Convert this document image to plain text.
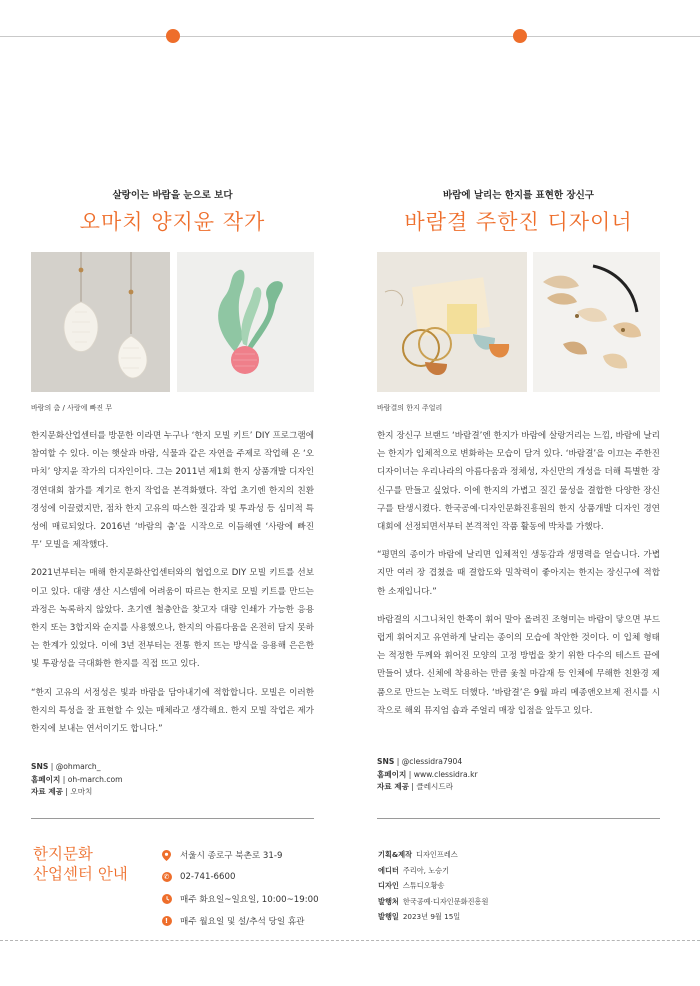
살랑이는 바람을 눈으로 보다
오마치 양지윤 작가
바람의 춤 / 사랑에 빠진 무

한지문화산업센터를 방문한 이라면 누구나 ‘한지 모빌 키트’ DIY 프로그램에 참여할 수 있다. 이는 햇살과 바람, 식물과 같은 자연을 주제로 작업해 온 ‘오마치’ 양지윤 작가의 디자인이다. 그는 2011년 제1회 한지 상품개발 디자인 경연대회 참가를 계기로 한지 작업을 본격화했다. 작업 초기엔 한지의 친환경성에 이끌렸지만, 점차 한지 고유의 따스한 질감과 빛 투과성 등 심미적 특성에 매료되었다. 2016년 ‘바람의 춤’을 시작으로 이듬해엔 ‘사랑에 빠진 무’ 모빌을 제작했다.

2021년부터는 매해 한지문화산업센터와의 협업으로 DIY 모빌 키트를 선보이고 있다. 대량 생산 시스템에 어려움이 따르는 한지로 모빌 키트를 만드는 과정은 녹록하지 않았다. 초기엔 철충안을 찾고자 대량 인쇄가 가능한 응용한지 또는 3합지와 순지를 사용했으나, 한지의 아름다움을 온전히 담지 못하는 한계가 있었다. 이에 3년 전부터는 전통 한지 뜨는 방식을 응용해 은은한 빛 투광성을 극대화한 한지를 직접 뜨고 있다.

“한지 고유의 서정성은 빛과 바람을 담아내기에 적합합니다. 모빌은 이러한 한지의 특성을 잘 표현할 수 있는 매체라고 생각해요. 한지 모빌 작업은 제가 한지에 보내는 연서이기도 합니다.”

SNS | @ohmarch_
홈페이지 | oh-march.com
자료 제공 | 오마치
바람에 날리는 한지를 표현한 장신구
바람결 주한진 디자이너
바람결의 한지 주얼리

한지 장신구 브랜드 ‘바람결’엔 한지가 바람에 살랑거리는 느낌, 바람에 날리는 한지가 입체적으로 변화하는 모습이 담겨 있다. ‘바람결’을 이끄는 주한진 디자이너는 우리나라의 아름다움과 정체성, 자신만의 개성을 더해 특별한 장신구를 만들고 싶었다. 이에 한지의 가볍고 질긴 물성을 결합한 다양한 장신구를 탄생시켰다. 한국공예·디자인문화진흥원의 한지 상품개발 디자인 경연대회에 선정되면서부터 본격적인 작품 활동에 박차를 가했다.

“평면의 종이가 바람에 날리면 입체적인 생동감과 생명력을 얻습니다. 가볍지만 여러 장 겹쳤을 때 결합도와 밀착력이 좋아지는 한지는 장신구에 적합한 소재입니다.”

바람결의 시그니처인 한쪽이 휘어 말아 올려진 조형미는 바람이 닿으면 부드럽게 휘어지고 유연하게 날리는 종이의 모습에 착안한 것이다. 이 입체 형태는 적정한 두께와 휘어진 모양의 고정 방법을 찾기 위한 다수의 테스트 끝에 만들어 냈다. 신체에 착용하는 만큼 옻칠 마감재 등 인체에 무해한 친환경 제품으로 만드는 노력도 더했다. ‘바람결’은 9월 파리 메종앤오브제 전시를 시작으로 해외 뮤지엄 숍과 주얼리 매장 입점을 앞두고 있다.

SNS | @clessidra7904
홈페이지 | www.clessidra.kr
자료 제공 | 클레시드라
한지문화
산업센터 안내
서울시 종로구 북촌로 31-9
✆ 02-741-6600
매주 화요일~일요일, 10:00~19:00
!	매주 월요일 및 설/추석 당일 휴관
기획&제작 디자인프레스
에디터 주리아, 노승기
디자인 스튜디오황송
발행처 한국공예·디자인문화진흥원
발행일 2023년 9월 15일
